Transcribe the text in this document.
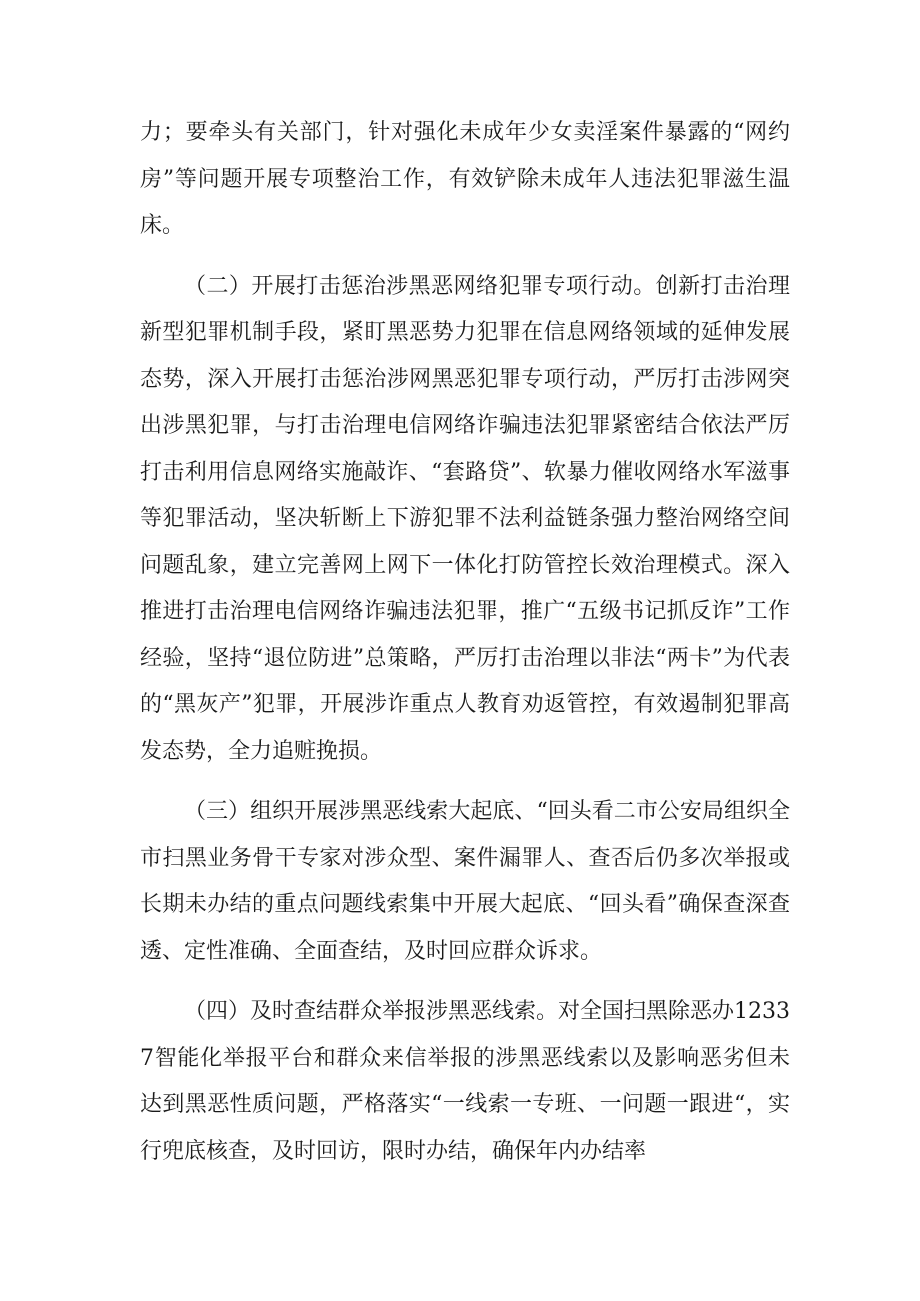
力；要牵头有关部门，针对强化未成年少女卖淫案件暴露的“网约房”等问题开展专项整治工作，有效铲除未成年人违法犯罪滋生温床。

（二）开展打击惩治涉黑恶网络犯罪专项行动。创新打击治理新型犯罪机制手段，紧盯黑恶势力犯罪在信息网络领域的延伸发展态势，深入开展打击惩治涉网黑恶犯罪专项行动，严厉打击涉网突出涉黑犯罪，与打击治理电信网络诈骗违法犯罪紧密结合依法严厉打击利用信息网络实施敲诈、“套路贷”、软暴力催收网络水军滋事等犯罪活动，坚决斩断上下游犯罪不法利益链条强力整治网络空间问题乱象，建立完善网上网下一体化打防管控长效治理模式。深入推进打击治理电信网络诈骗违法犯罪，推广“五级书记抓反诈”工作经验，坚持“退位防进”总策略，严厉打击治理以非法“两卡”为代表的“黑灰产”犯罪，开展涉诈重点人教育劝返管控，有效遏制犯罪高发态势，全力追赃挽损。

（三）组织开展涉黑恶线索大起底、“回头看二市公安局组织全市扫黑业务骨干专家对涉众型、案件漏罪人、查否后仍多次举报或长期未办结的重点问题线索集中开展大起底、“回头看”确保查深查透、定性准确、全面查结，及时回应群众诉求。

（四）及时查结群众举报涉黑恶线索。对全国扫黑除恶办12337智能化举报平台和群众来信举报的涉黑恶线索以及影响恶劣但未达到黑恶性质问题，严格落实“一线索一专班、一问题一跟进“，实行兜底核查，及时回访，限时办结，确保年内办结率
